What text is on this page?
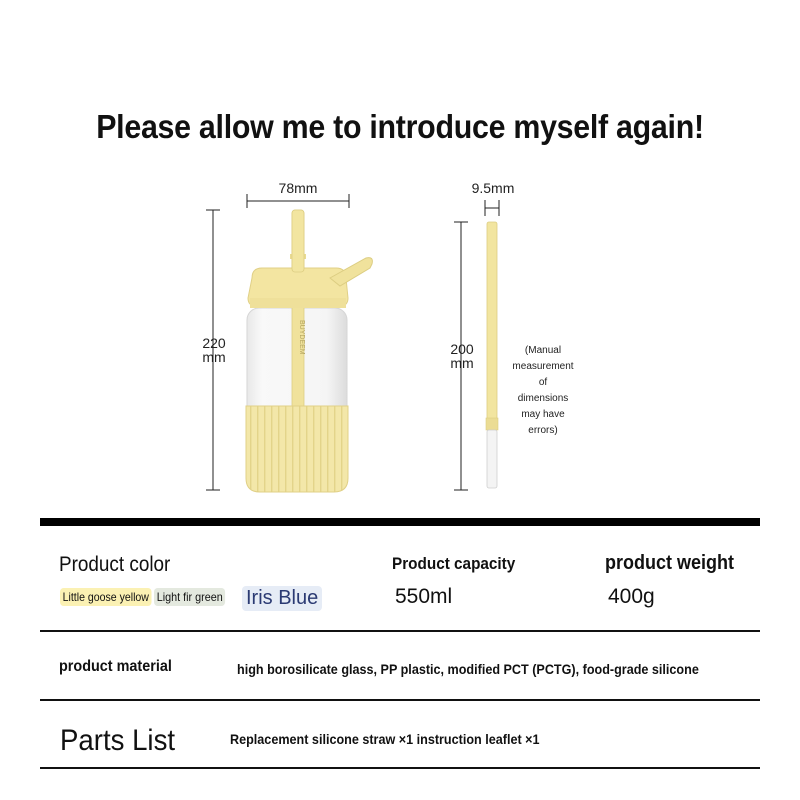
Please allow me to introduce myself again!
BUYDEEM
78mm
220
mm
9.5mm
200
mm
(Manual
measurement
of
dimensions
may have
errors)
Product color
Little goose yellow Light fir green Iris Blue
Product capacity
550ml
product weight
400g
product material	high borosilicate glass, PP plastic, modified PCT (PCTG), food-grade silicone
Parts List	Replacement silicone straw ×1 instruction leaflet ×1
